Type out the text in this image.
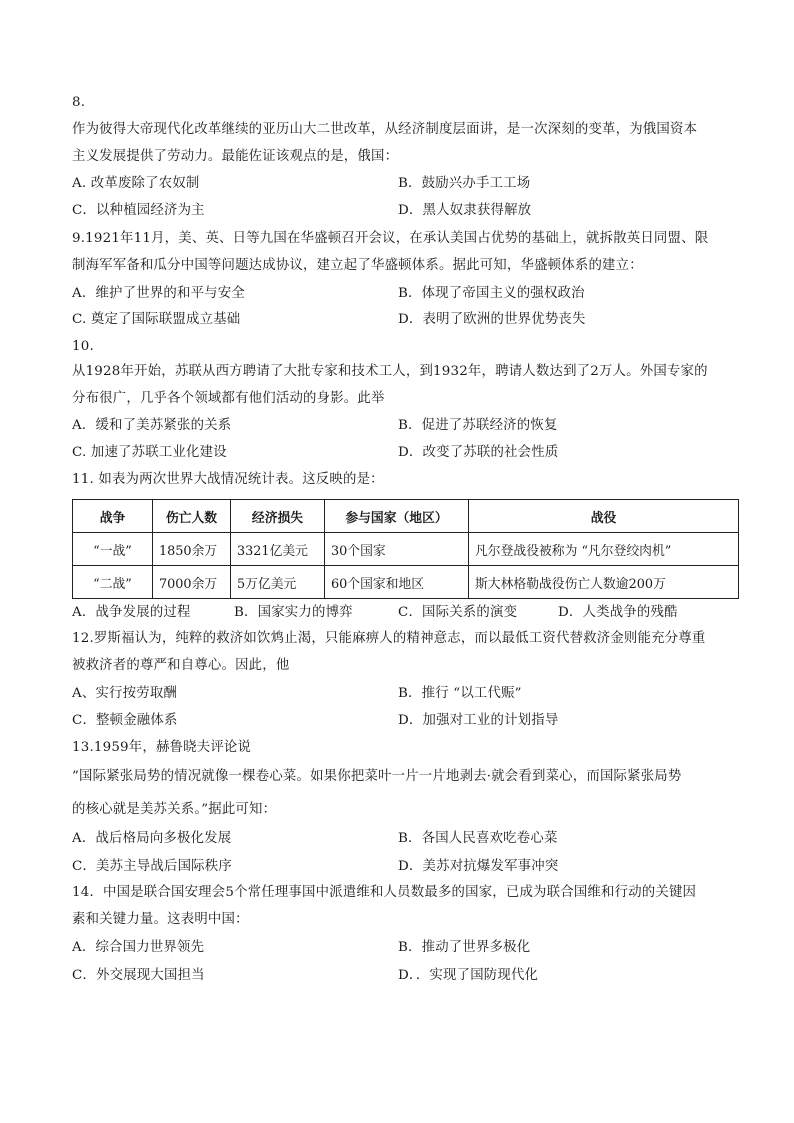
8.
作为彼得大帝现代化改革继续的亚历山大二世改革，从经济制度层面讲，是一次深刻的变革，为俄国资本
主义发展提供了劳动力。最能佐证该观点的是，俄国：
A. 改革废除了农奴制	B．鼓励兴办手工工场
C．以种植园经济为主	D．黑人奴隶获得解放
9.1921年11月，美、英、日等九国在华盛顿召开会议，在承认美国占优势的基础上，就拆散英日同盟、限
制海军军备和瓜分中国等问题达成协议，建立起了华盛顿体系。据此可知，华盛顿体系的建立：
A．维护了世界的和平与安全	B．体现了帝国主义的强权政治
C. 奠定了国际联盟成立基础	D．表明了欧洲的世界优势丧失
10.
从1928年开始，苏联从西方聘请了大批专家和技术工人，到1932年，聘请人数达到了2万人。外国专家的
分布很广，几乎各个领域都有他们活动的身影。此举
A．缓和了美苏紧张的关系	B．促进了苏联经济的恢复
C. 加速了苏联工业化建设	D．改变了苏联的社会性质
11. 如表为两次世界大战情况统计表。这反映的是：
战争	伤亡人数	经济损失	参与国家（地区）	战役
“一战”	1850余万	3321亿美元	30个国家	凡尔登战役被称为 “凡尔登绞肉机”
“二战”	7000余万	5万亿美元	60个国家和地区	斯大林格勒战役伤亡人数逾200万
A．战争发展的过程	B．国家实力的博弈	C．国际关系的演变	D．人类战争的残酷
12.罗斯福认为，纯粹的救济如饮鸩止渴，只能麻痹人的精神意志，而以最低工资代替救济金则能充分尊重
被救济者的尊严和自尊心。因此，他
A、实行按劳取酬	B．推行 “以工代赈”
C．整顿金融体系	D．加强对工业的计划指导
13.1959年，赫鲁晓夫评论说
”国际紧张局势的情况就像一棵卷心菜。如果你把菜叶一片一片地剥去·就会看到菜心，而国际紧张局势
的核心就是美苏关系。”据此可知：
A．战后格局向多极化发展	B．各国人民喜欢吃卷心菜
C．美苏主导战后国际秩序	D．美苏对抗爆发军事冲突
14．中国是联合国安理会5个常任理事国中派遣维和人员数最多的国家，已成为联合国维和行动的关键因
素和关键力量。这表明中国：
A．综合国力世界领先	B．推动了世界多极化
C．外交展现大国担当	D．．实现了国防现代化
